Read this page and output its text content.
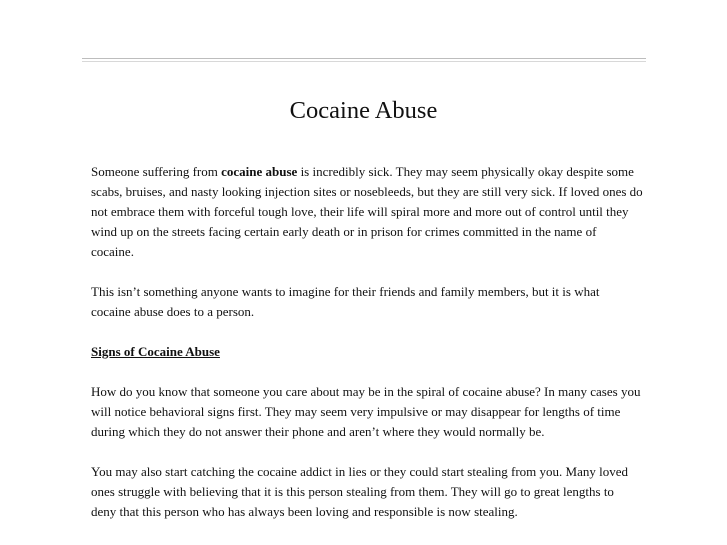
Cocaine Abuse

Someone suffering from cocaine abuse is incredibly sick. They may seem physically okay despite some
scabs, bruises, and nasty looking injection sites or nosebleeds, but they are still very sick. If loved ones do
not embrace them with forceful tough love, their life will spiral more and more out of control until they
wind up on the streets facing certain early death or in prison for crimes committed in the name of
cocaine.

This isn’t something anyone wants to imagine for their friends and family members, but it is what
cocaine abuse does to a person.

Signs of Cocaine Abuse

How do you know that someone you care about may be in the spiral of cocaine abuse? In many cases you
will notice behavioral signs first. They may seem very impulsive or may disappear for lengths of time
during which they do not answer their phone and aren’t where they would normally be.

You may also start catching the cocaine addict in lies or they could start stealing from you. Many loved
ones struggle with believing that it is this person stealing from them. They will go to great lengths to
deny that this person who has always been loving and responsible is now stealing.
